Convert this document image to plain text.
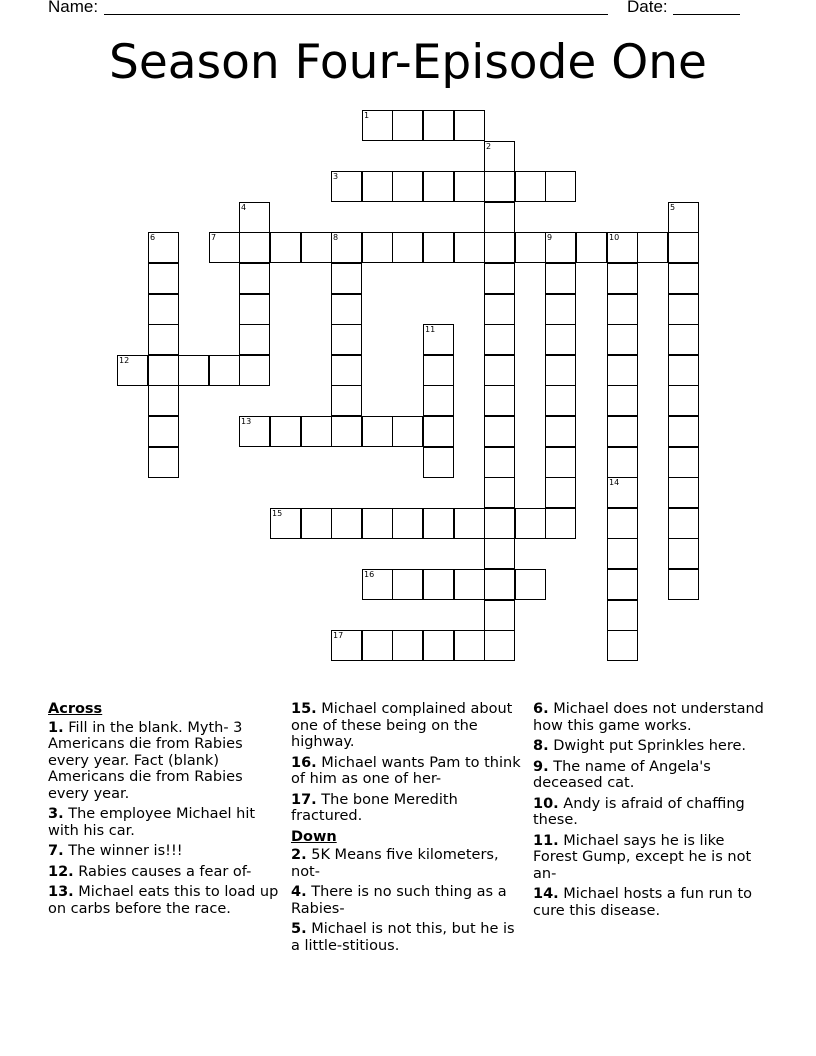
Name:	Date:
Season Four-Episode One
1
2
3
4	5
6	7	8	9	10
11
12
13
14
15
16
17
Across
1. Fill in the blank. Myth- 3 Americans die from Rabies every year. Fact (blank) Americans die from Rabies every year.
3. The employee Michael hit with his car.
7. The winner is!!!
12. Rabies causes a fear of-
13. Michael eats this to load up on carbs before the race.
15. Michael complained about one of these being on the highway.
16. Michael wants Pam to think of him as one of her-
17. The bone Meredith fractured.
Down
2. 5K Means five kilometers, not-
4. There is no such thing as a Rabies-
5. Michael is not this, but he is a little-stitious.
6. Michael does not understand how this game works.
8. Dwight put Sprinkles here.
9. The name of Angela's deceased cat.
10. Andy is afraid of chaffing these.
11. Michael says he is like Forest Gump, except he is not an-
14. Michael hosts a fun run to cure this disease.
